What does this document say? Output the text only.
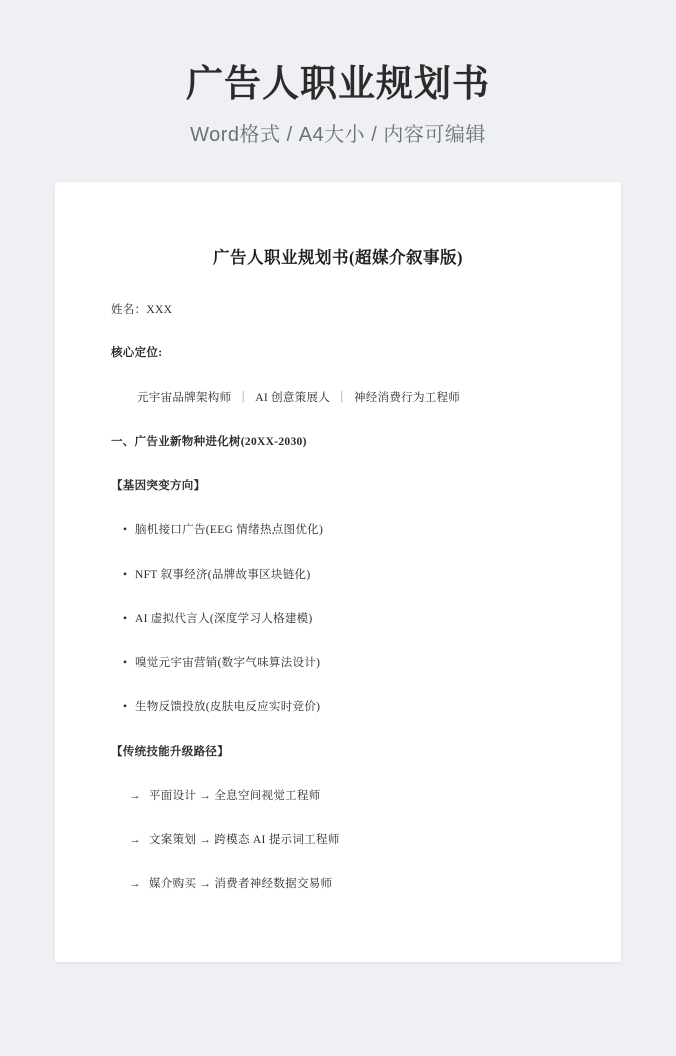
广告人职业规划书
Word格式 / A4大小 / 内容可编辑
广告人职业规划书(超媒介叙事版)
姓名：XXX
核心定位:
元宇宙品牌架构师 ｜ AI 创意策展人 ｜ 神经消费行为工程师
一、广告业新物种进化树(20XX-2030)
【基因突变方向】
• 脑机接口广告(EEG 情绪热点图优化)
• NFT 叙事经济(品牌故事区块链化)
• AI 虚拟代言人(深度学习人格建模)
• 嗅觉元宇宙营销(数字气味算法设计)
• 生物反馈投放(皮肤电反应实时竞价)
【传统技能升级路径】
→ 平面设计 → 全息空间视觉工程师
→ 文案策划 → 跨模态 AI 提示词工程师
→ 媒介购买 → 消费者神经数据交易师
